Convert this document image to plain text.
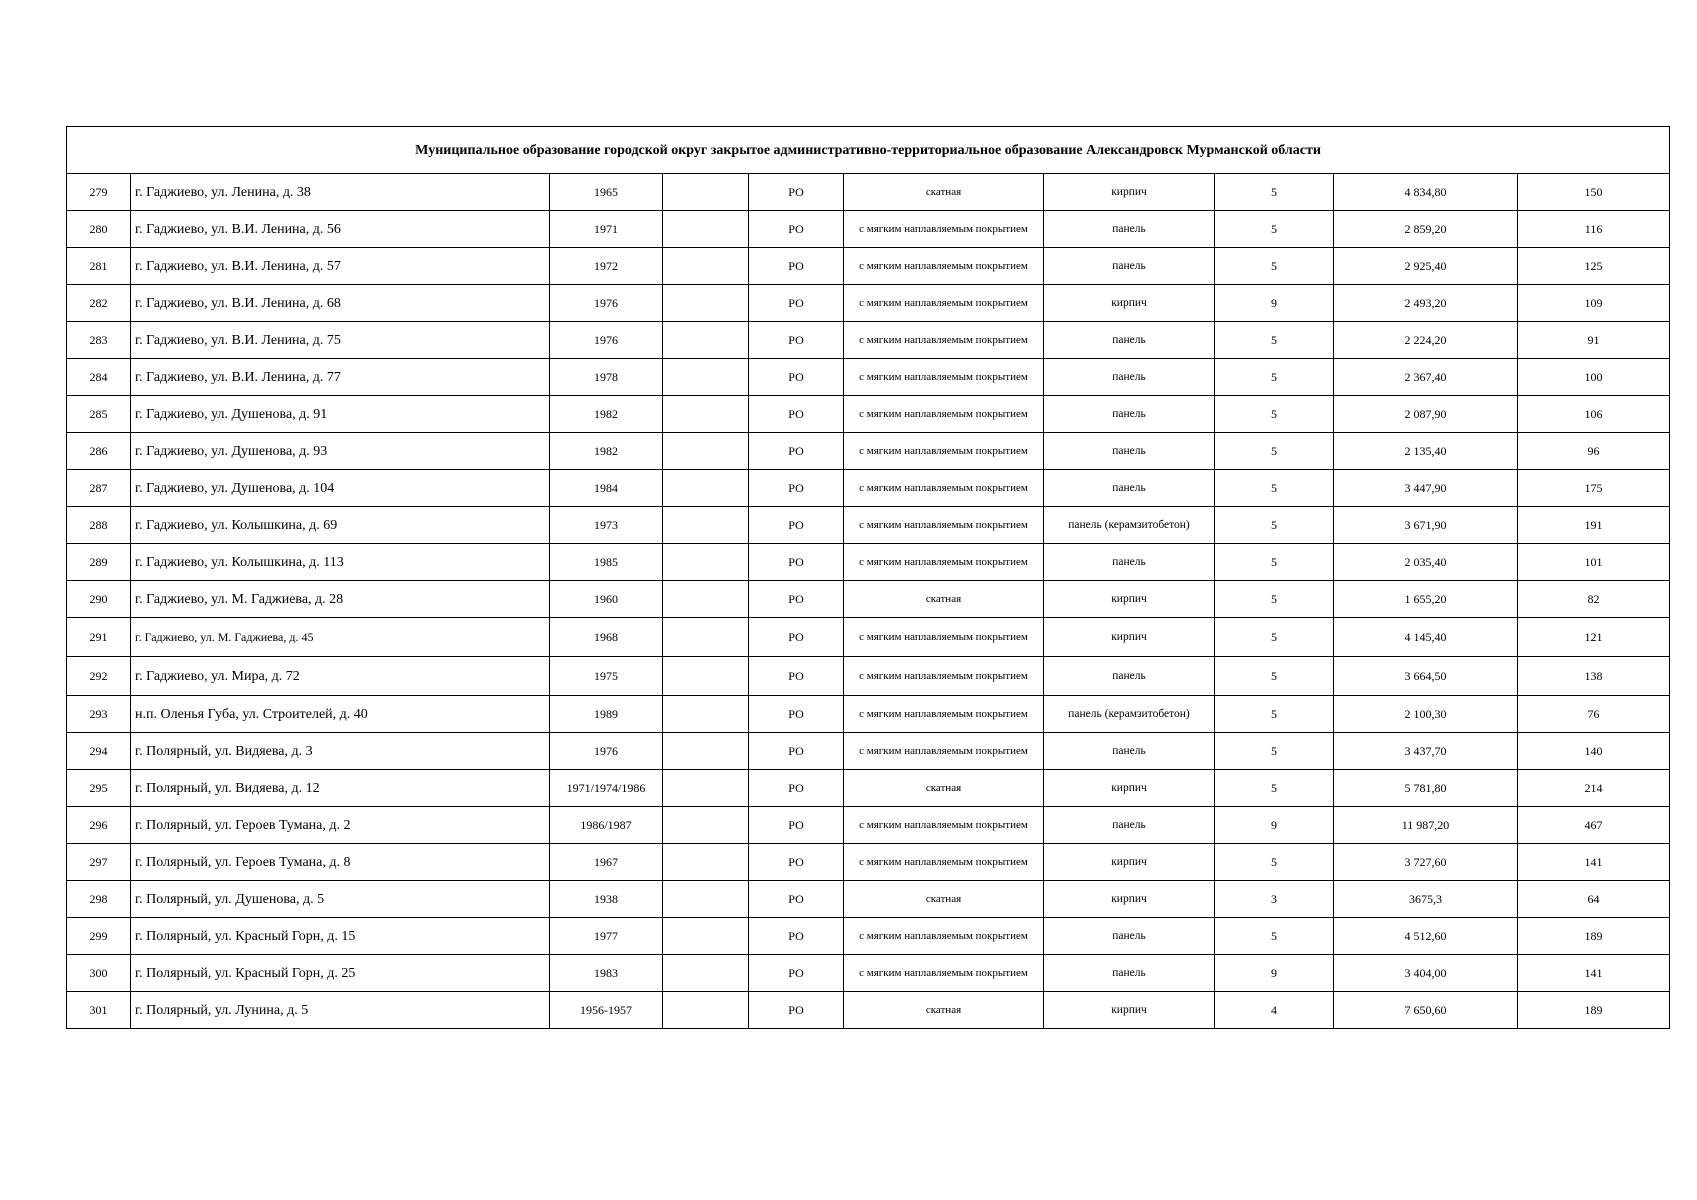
Муниципальное образование городской округ закрытое административно-территориальное образование Александровск Мурманской области									
279	г. Гаджиево, ул. Ленина, д. 38	1965		РО	скатная	кирпич	5	4 834,80	150
280	г. Гаджиево, ул. В.И. Ленина, д. 56	1971		РО	с мягким наплавляемым покрытием	панель	5	2 859,20	116
281	г. Гаджиево, ул. В.И. Ленина, д. 57	1972		РО	с мягким наплавляемым покрытием	панель	5	2 925,40	125
282	г. Гаджиево, ул. В.И. Ленина, д. 68	1976		РО	с мягким наплавляемым покрытием	кирпич	9	2 493,20	109
283	г. Гаджиево, ул. В.И. Ленина, д. 75	1976		РО	с мягким наплавляемым покрытием	панель	5	2 224,20	91
284	г. Гаджиево, ул. В.И. Ленина, д. 77	1978		РО	с мягким наплавляемым покрытием	панель	5	2 367,40	100
285	г. Гаджиево, ул. Душенова, д. 91	1982		РО	с мягким наплавляемым покрытием	панель	5	2 087,90	106
286	г. Гаджиево, ул. Душенова, д. 93	1982		РО	с мягким наплавляемым покрытием	панель	5	2 135,40	96
287	г. Гаджиево, ул. Душенова, д. 104	1984		РО	с мягким наплавляемым покрытием	панель	5	3 447,90	175
288	г. Гаджиево, ул. Колышкина, д. 69	1973		РО	с мягким наплавляемым покрытием	панель (керамзитобетон)	5	3 671,90	191
289	г. Гаджиево, ул. Колышкина, д. 113	1985		РО	с мягким наплавляемым покрытием	панель	5	2 035,40	101
290	г. Гаджиево, ул. М. Гаджиева, д. 28	1960		РО	скатная	кирпич	5	1 655,20	82
291	г. Гаджиево, ул. М. Гаджиева, д. 45	1968		РО	с мягким наплавляемым покрытием	кирпич	5	4 145,40	121
292	г. Гаджиево, ул. Мира, д. 72	1975		РО	с мягким наплавляемым покрытием	панель	5	3 664,50	138
293	н.п. Оленья Губа, ул. Строителей, д. 40	1989		РО	с мягким наплавляемым покрытием	панель (керамзитобетон)	5	2 100,30	76
294	г. Полярный, ул. Видяева, д. 3	1976		РО	с мягким наплавляемым покрытием	панель	5	3 437,70	140
295	г. Полярный, ул. Видяева, д. 12	1971/1974/1986		РО	скатная	кирпич	5	5 781,80	214
296	г. Полярный, ул. Героев Тумана, д. 2	1986/1987		РО	с мягким наплавляемым покрытием	панель	9	11 987,20	467
297	г. Полярный, ул. Героев Тумана, д. 8	1967		РО	с мягким наплавляемым покрытием	кирпич	5	3 727,60	141
298	г. Полярный, ул. Душенова, д. 5	1938		РО	скатная	кирпич	3	3675,3	64
299	г. Полярный, ул. Красный Горн, д. 15	1977		РО	с мягким наплавляемым покрытием	панель	5	4 512,60	189
300	г. Полярный, ул. Красный Горн, д. 25	1983		РО	с мягким наплавляемым покрытием	панель	9	3 404,00	141
301	г. Полярный, ул. Лунина, д. 5	1956-1957		РО	скатная	кирпич	4	7 650,60	189
